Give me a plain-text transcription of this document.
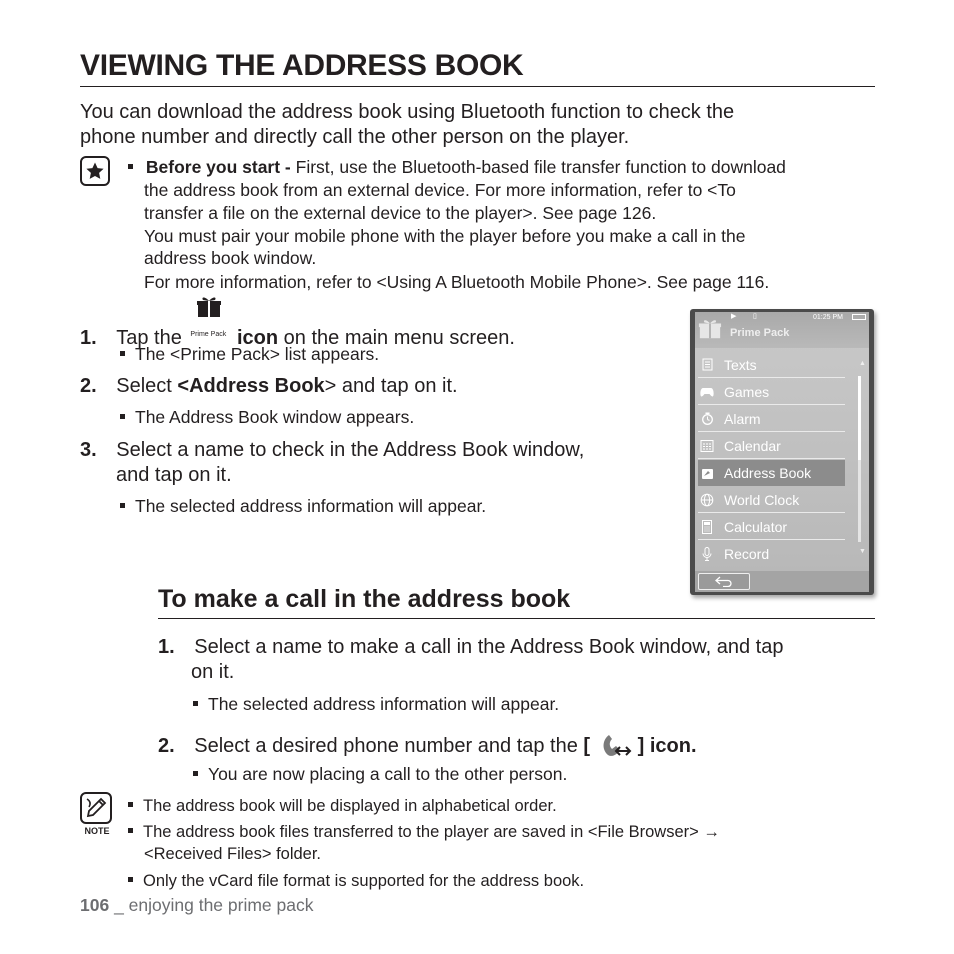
VIEWING THE ADDRESS BOOK
You can download the address book using Bluetooth function to check the
phone number and directly call the other person on the player.
Before you start - First, use the Bluetooth-based file transfer function to download
the address book from an external device. For more information, refer to <To
transfer a file on the external device to the player>. See page 126.
You must pair your mobile phone with the player before you make a call in the
address book window.
For more information, refer to <Using A Bluetooth Mobile Phone>. See page 116.
1. Tap the Prime Pack icon on the main menu screen.
The <Prime Pack> list appears.
2. Select <Address Book> and tap on it.
The Address Book window appears.
3. Select a name to check in the Address Book window,
and tap on it.
The selected address information will appear.
▶ ▯	01:25 PM
Prime Pack
Texts
Games
Alarm
Calendar
Address Book
World Clock
Calculator
Record
▲
▼
To make a call in the address book
1. Select a name to make a call in the Address Book window, and tap
on it.
The selected address information will appear.
2. Select a desired phone number and tap the [ ] icon.
You are now placing a call to the other person.
NOTE
The address book will be displayed in alphabetical order.
The address book files transferred to the player are saved in <File Browser> →
<Received Files> folder.
Only the vCard file format is supported for the address book.
106 _ enjoying the prime pack
